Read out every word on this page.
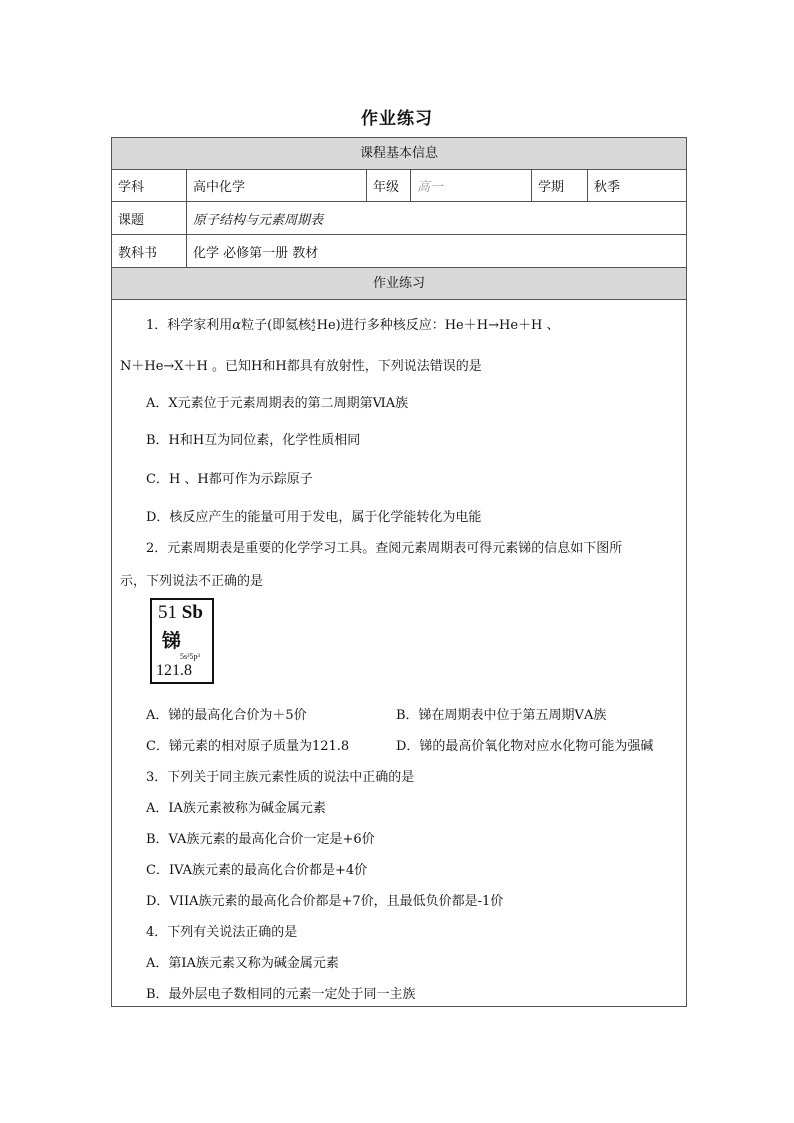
作业练习
课程基本信息
学科	高中化学	年级	高一	学期	秋季
课题	原子结构与元素周期表
教科书	化学 必修第一册 教材
作业练习
1．科学家利用α粒子(即氦核 4
2 He)进行多种核反应：He＋H→He＋H 、
N＋He→X＋H 。已知H和H都具有放射性，下列说法错误的是
A．X元素位于元素周期表的第二周期第ⅥA族
B．H和H互为同位素，化学性质相同
C．H 、H都可作为示踪原子
D．核反应产生的能量可用于发电，属于化学能转化为电能
2．元素周期表是重要的化学学习工具。查阅元素周期表可得元素锑的信息如下图所
示，下列说法不正确的是
51 Sb
锑
5s²5p³
121.8
A．锑的最高化合价为＋5价	B．锑在周期表中位于第五周期ⅤA族
C．锑元素的相对原子质量为121.8	D．锑的最高价氧化物对应水化物可能为强碱
3．下列关于同主族元素性质的说法中正确的是
A．IA族元素被称为碱金属元素
B．VA族元素的最高化合价一定是+6价
C．IVA族元素的最高化合价都是+4价
D．VIIA族元素的最高化合价都是+7价，且最低负价都是-1价
4．下列有关说法正确的是
A．第IA族元素又称为碱金属元素
B．最外层电子数相同的元素一定处于同一主族
